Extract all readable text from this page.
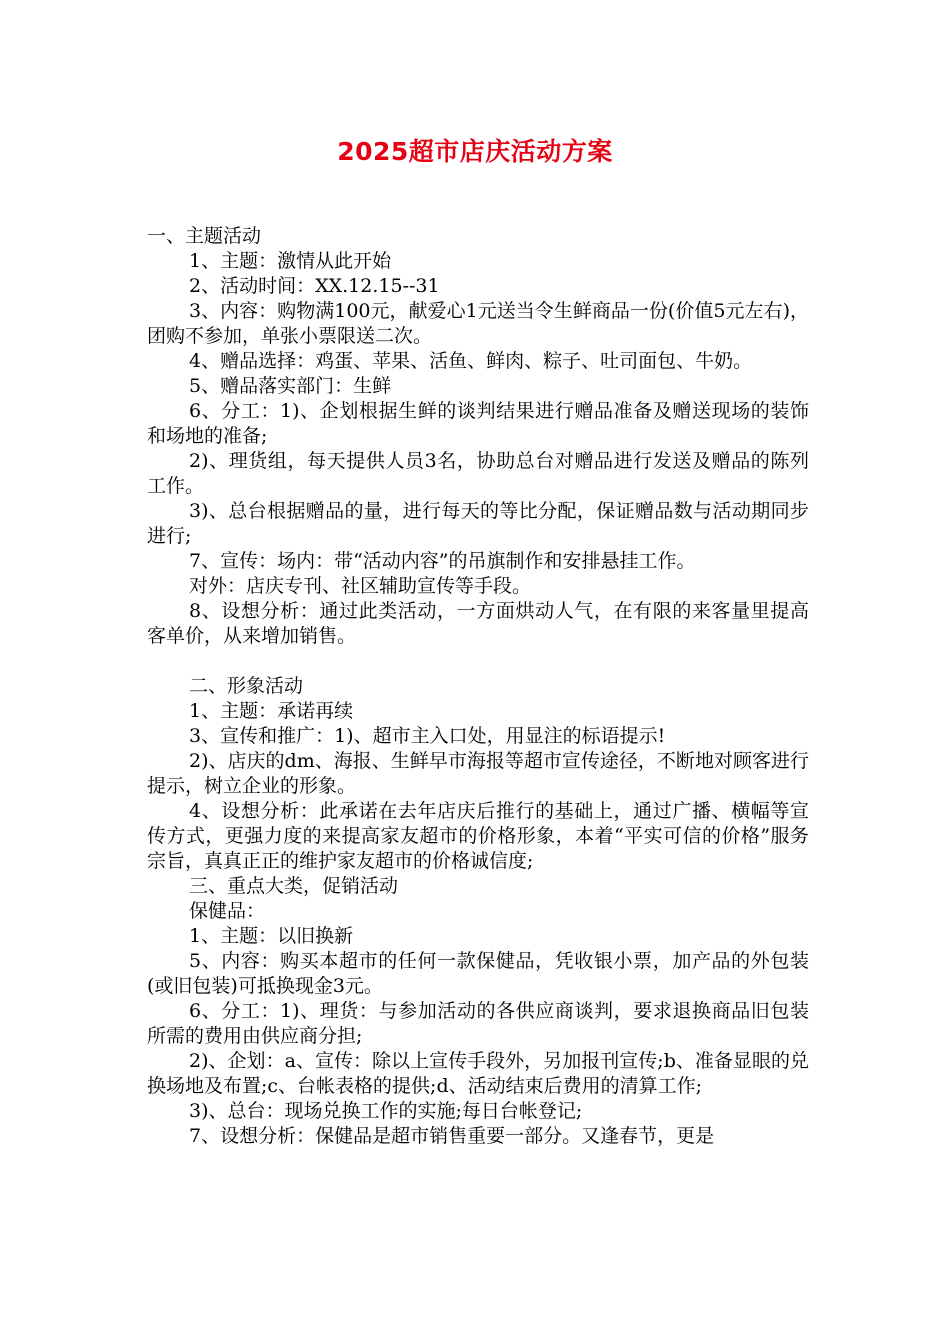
2025超市店庆活动方案

一、主题活动

1、主题：激情从此开始

2、活动时间：XX.12.15--31

3、内容：购物满100元，献爱心1元送当令生鲜商品一份(价值5元左右)，团购不参加，单张小票限送二次。

4、赠品选择：鸡蛋、苹果、活鱼、鲜肉、粽子、吐司面包、牛奶。

5、赠品落实部门：生鲜

6、分工：1)、企划根据生鲜的谈判结果进行赠品准备及赠送现场的装饰和场地的准备;

2)、理货组，每天提供人员3名，协助总台对赠品进行发送及赠品的陈列工作。

3)、总台根据赠品的量，进行每天的等比分配，保证赠品数与活动期同步进行;

7、宣传：场内：带“活动内容”的吊旗制作和安排悬挂工作。

对外：店庆专刊、社区辅助宣传等手段。

8、设想分析：通过此类活动，一方面烘动人气，在有限的来客量里提高客单价，从来增加销售。

二、形象活动

1、主题：承诺再续

3、宣传和推广：1)、超市主入口处，用显注的标语提示!

2)、店庆的dm、海报、生鲜早市海报等超市宣传途径，不断地对顾客进行提示，树立企业的形象。

4、设想分析：此承诺在去年店庆后推行的基础上，通过广播、横幅等宣传方式，更强力度的来提高家友超市的价格形象，本着“平实可信的价格”服务宗旨，真真正正的维护家友超市的价格诚信度;

三、重点大类，促销活动

保健品：

1、主题：以旧换新

5、内容：购买本超市的任何一款保健品，凭收银小票，加产品的外包装(或旧包装)可抵换现金3元。

6、分工：1)、理货：与参加活动的各供应商谈判，要求退换商品旧包装所需的费用由供应商分担;

2)、企划：a、宣传：除以上宣传手段外，另加报刊宣传;b、准备显眼的兑换场地及布置;c、台帐表格的提供;d、活动结束后费用的清算工作;

3)、总台：现场兑换工作的实施;每日台帐登记;

7、设想分析：保健品是超市销售重要一部分。又逢春节，更是
